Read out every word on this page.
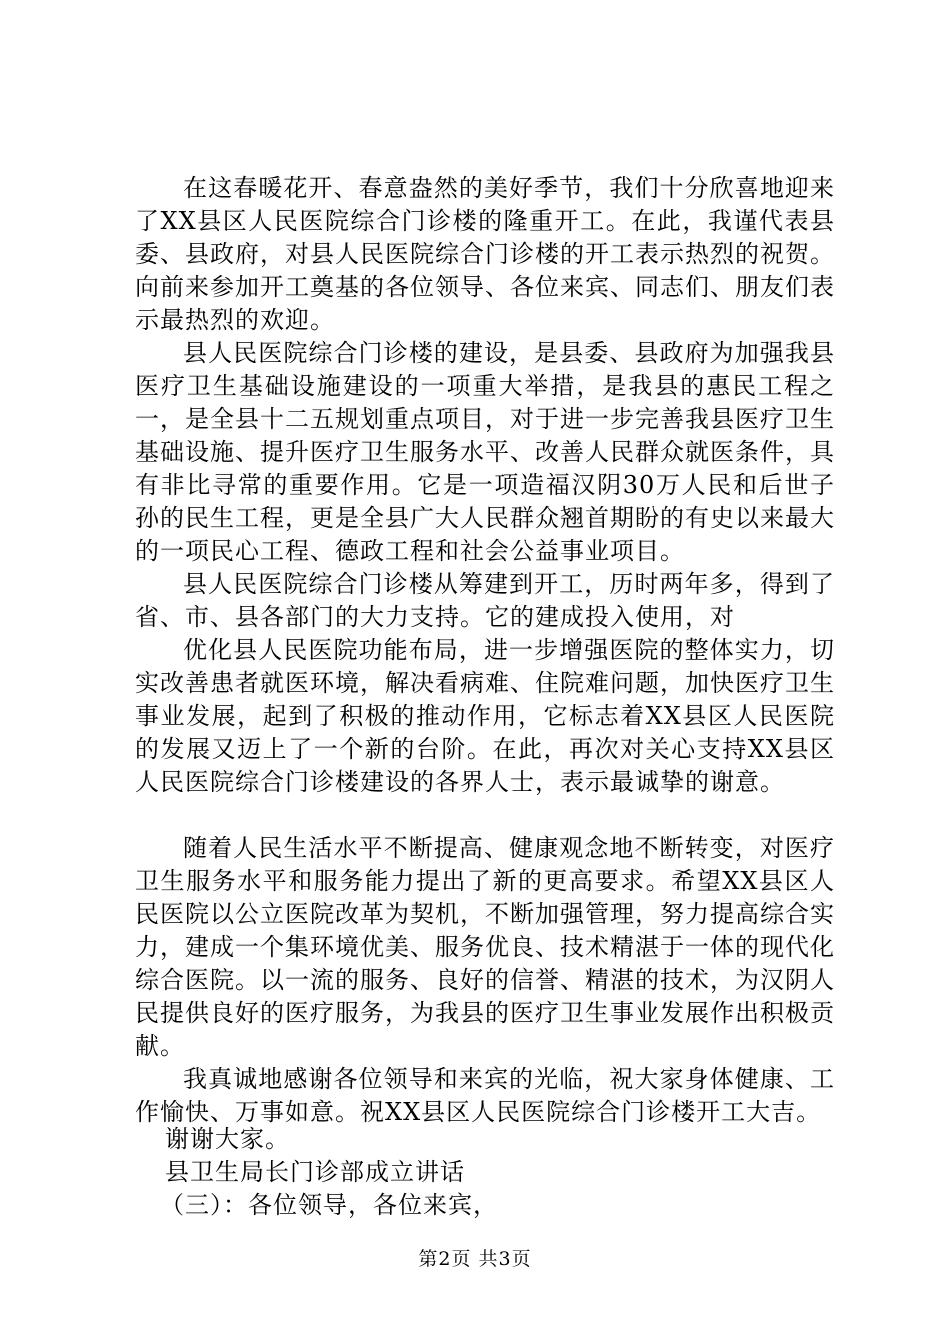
在这春暖花开、春意盎然的美好季节，我们十分欣喜地迎来了XX县区人民医院综合门诊楼的隆重开工。在此，我谨代表县委、县政府，对县人民医院综合门诊楼的开工表示热烈的祝贺。向前来参加开工奠基的各位领导、各位来宾、同志们、朋友们表示最热烈的欢迎。

县人民医院综合门诊楼的建设，是县委、县政府为加强我县医疗卫生基础设施建设的一项重大举措，是我县的惠民工程之一，是全县十二五规划重点项目，对于进一步完善我县医疗卫生基础设施、提升医疗卫生服务水平、改善人民群众就医条件，具有非比寻常的重要作用。它是一项造福汉阴30万人民和后世子孙的民生工程，更是全县广大人民群众翘首期盼的有史以来最大的一项民心工程、德政工程和社会公益事业项目。

县人民医院综合门诊楼从筹建到开工，历时两年多，得到了省、市、县各部门的大力支持。它的建成投入使用，对

优化县人民医院功能布局，进一步增强医院的整体实力，切实改善患者就医环境，解决看病难、住院难问题，加快医疗卫生事业发展，起到了积极的推动作用，它标志着XX县区人民医院的发展又迈上了一个新的台阶。在此，再次对关心支持XX县区人民医院综合门诊楼建设的各界人士，表示最诚挚的谢意。

随着人民生活水平不断提高、健康观念地不断转变，对医疗卫生服务水平和服务能力提出了新的更高要求。希望XX县区人民医院以公立医院改革为契机，不断加强管理，努力提高综合实力，建成一个集环境优美、服务优良、技术精湛于一体的现代化综合医院。以一流的服务、良好的信誉、精湛的技术，为汉阴人民提供良好的医疗服务，为我县的医疗卫生事业发展作出积极贡献。

我真诚地感谢各位领导和来宾的光临，祝大家身体健康、工作愉快、万事如意。祝XX县区人民医院综合门诊楼开工大吉。

谢谢大家。

县卫生局长门诊部成立讲话

（三）：各位领导，各位来宾，

第2页 共3页
